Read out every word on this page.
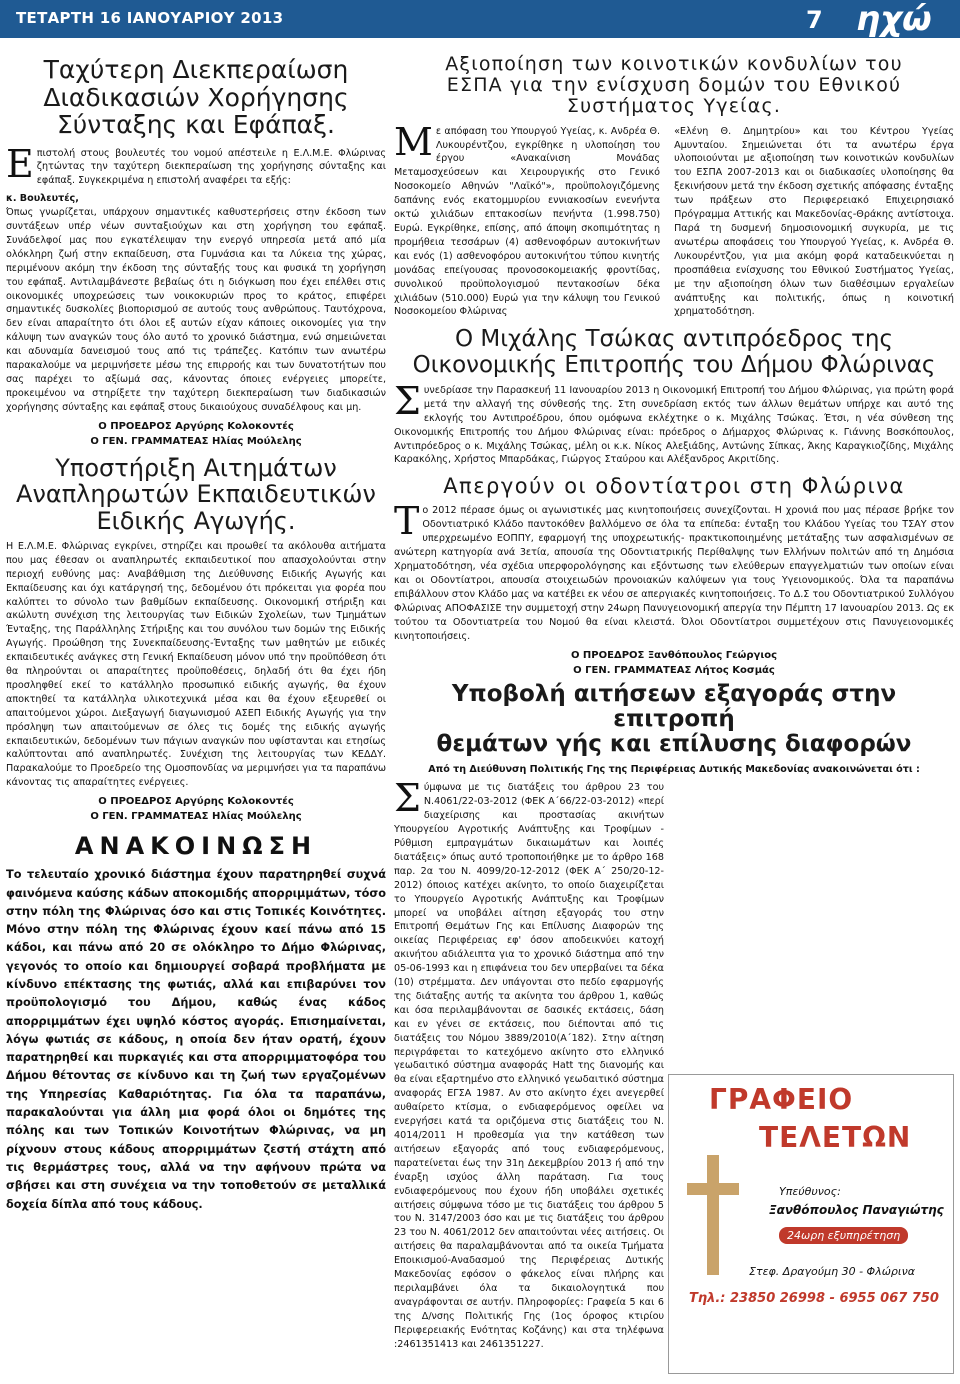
ΤΕΤΑΡΤΗ 16 ΙΑΝΟΥΑΡΙΟΥ 2013	7 ηχώ
Ταχύτερη Διεκπεραίωση
Διαδικασιών Χορήγησης
Σύνταξης και Εφάπαξ.

Επιστολή στους βουλευτές του νομού απέστειλε η Ε.Λ.Μ.Ε. Φλώρινας ζητώντας την ταχύτερη διεκπεραίωση της χορήγησης σύνταξης και εφάπαξ. Συγκεκριμένα η επιστολή αναφέρει τα εξής:

κ. Βουλευτές,

Όπως γνωρίζεται, υπάρχουν σημαντικές καθυστερήσεις στην έκδοση των συντάξεων υπέρ νέων συνταξιούχων και στη χορήγηση του εφάπαξ. Συνάδελφοί μας που εγκατέλειψαν την ενεργό υπηρεσία μετά από μία ολόκληρη ζωή στην εκπαίδευση, στα Γυμνάσια και τα Λύκεια της χώρας, περιμένουν ακόμη την έκδοση της σύνταξής τους και φυσικά τη χορήγηση του εφάπαξ. Αντιλαμβάνεστε βεβαίως ότι η διόγκωση που έχει επέλθει στις οικονομικές υποχρεώσεις των νοικοκυριών προς το κράτος, επιφέρει σημαντικές δυσκολίες βιοπορισμού σε αυτούς τους ανθρώπους. Ταυτόχρονα, δεν είναι απαραίτητο ότι όλοι εξ αυτών είχαν κάποιες οικονομίες για την κάλυψη των αναγκών τους όλο αυτό το χρονικό διάστημα, ενώ σημειώνεται και αδυναμία δανεισμού τους από τις τράπεζες. Κατόπιν των ανωτέρω παρακαλούμε να μεριμνήσετε μέσω της επιρροής και των δυνατοτήτων που σας παρέχει το αξίωμά σας, κάνοντας όποιες ενέργειες μπορείτε, προκειμένου να στηρίξετε την ταχύτερη διεκπεραίωση των διαδικασιών χορήγησης σύνταξης και εφάπαξ στους δικαιούχους συναδέλφους και μη.

Ο ΠΡΟΕΔΡΟΣ Αργύρης Κολοκοντές
Ο ΓΕΝ. ΓΡΑΜΜΑΤΕΑΣ Ηλίας Μούλελης
Υποστήριξη Αιτημάτων
Αναπληρωτών Εκπαιδευτικών
Ειδικής Αγωγής.

Η Ε.Λ.Μ.Ε. Φλώρινας εγκρίνει, στηρίζει και προωθεί τα ακόλουθα αιτήματα που μας έθεσαν οι αναπληρωτές εκπαιδευτικοί που απασχολούνται στην περιοχή ευθύνης μας: Αναβάθμιση της Διεύθυνσης Ειδικής Αγωγής και Εκπαίδευσης και όχι κατάργησή της, δεδομένου ότι πρόκειται για φορέα που καλύπτει το σύνολο των βαθμίδων εκπαίδευσης. Οικονομική στήριξη και ακώλυτη συνέχιση της λειτουργίας των Ειδικών Σχολείων, των Τμημάτων Ένταξης, της Παράλληλης Στήριξης και του συνόλου των δομών της Ειδικής Αγωγής. Προώθηση της Συνεκπαίδευσης-Ένταξης των μαθητών με ειδικές εκπαιδευτικές ανάγκες στη Γενική Εκπαίδευση μόνον υπό την προϋπόθεση ότι θα πληρούνται οι απαραίτητες προϋποθέσεις, δηλαδή ότι θα έχει ήδη προσληφθεί εκεί το κατάλληλο προσωπικό ειδικής αγωγής, θα έχουν αποκτηθεί τα κατάλληλα υλικοτεχνικά μέσα και θα έχουν εξευρεθεί οι απαιτούμενοι χώροι. Διεξαγωγή διαγωνισμού ΑΣΕΠ Ειδικής Αγωγής για την πρόσληψη των απαιτούμενων σε όλες τις δομές της ειδικής αγωγής εκπαιδευτικών, δεδομένων των πάγιων αναγκών που υφίστανται και ετησίως καλύπτονται από αναπληρωτές. Συνέχιση της λειτουργίας των ΚΕΔΔΥ. Παρακαλούμε το Προεδρείο της Ομοσπονδίας να μεριμνήσει για τα παραπάνω κάνοντας τις απαραίτητες ενέργειες.

Ο ΠΡΟΕΔΡΟΣ Αργύρης Κολοκοντές
Ο ΓΕΝ. ΓΡΑΜΜΑΤΕΑΣ Ηλίας Μούλελης
ΑΝΑΚΟΙΝΩΣΗ

Το τελευταίο χρονικό διάστημα έχουν παρατηρηθεί συχνά φαινόμενα καύσης κάδων αποκομιδής απορριμμάτων, τόσο στην πόλη της Φλώρινας όσο και στις Τοπικές Κοινότητες. Μόνο στην πόλη της Φλώρινας έχουν καεί πάνω από 15 κάδοι, και πάνω από 20 σε ολόκληρο το Δήμο Φλώρινας, γεγονός το οποίο και δημιουργεί σοβαρά προβλήματα με κίνδυνο επέκτασης της φωτιάς, αλλά και επιβαρύνει τον προϋπολογισμό του Δήμου, καθώς ένας κάδος απορριμμάτων έχει υψηλό κόστος αγοράς. Επισημαίνεται, λόγω φωτιάς σε κάδους, η οποία δεν ήταν ορατή, έχουν παρατηρηθεί και πυρκαγιές και στα απορριμματοφόρα του Δήμου θέτοντας σε κίνδυνο και τη ζωή των εργαζομένων της Υπηρεσίας Καθαριότητας. Για όλα τα παραπάνω, παρακαλούνται για άλλη μια φορά όλοι οι δημότες της πόλης και των Τοπικών Κοινοτήτων Φλώρινας, να μη ρίχνουν στους κάδους απορριμμάτων ζεστή στάχτη από τις θερμάστρες τους, αλλά να την αφήνουν πρώτα να σβήσει και στη συνέχεια να την τοποθετούν σε μεταλλικά δοχεία δίπλα από τους κάδους.

Αξιοποίηση των κοινοτικών κονδυλίων του
ΕΣΠΑ για την ενίσχυση δομών του Εθνικού
Συστήματος Υγείας.

Με απόφαση του Υπουργού Υγείας, κ. Ανδρέα Θ. Λυκουρέντζου, εγκρίθηκε η υλοποίηση του έργου «Ανακαίνιση Μονάδας Μεταμοσχεύσεων και Χειρουργικής στο Γενικό Νοσοκομείο Αθηνών "Λαϊκό"», προϋπολογιζόμενης δαπάνης ενός εκατομμυρίου εννιακοσίων ενενήντα οκτώ χιλιάδων επτακοσίων πενήντα (1.998.750) Ευρώ. Εγκρίθηκε, επίσης, από άποψη σκοπιμότητας η προμήθεια τεσσάρων (4) ασθενοφόρων αυτοκινήτων και ενός (1) ασθενοφόρου αυτοκινήτου τύπου κινητής μονάδας επείγουσας προνοσοκομειακής φροντίδας, συνολικού προϋπολογισμού πεντακοσίων δέκα χιλιάδων (510.000) Ευρώ για την κάλυψη του Γενικού Νοσοκομείου Φλώρινας

«Ελένη Θ. Δημητρίου» και του Κέντρου Υγείας Αμυνταίου. Σημειώνεται ότι τα ανωτέρω έργα υλοποιούνται με αξιοποίηση των κοινοτικών κονδυλίων του ΕΣΠΑ 2007-2013 και οι διαδικασίες υλοποίησης θα ξεκινήσουν μετά την έκδοση σχετικής απόφασης ένταξης των πράξεων στο Περιφερειακό Επιχειρησιακό Πρόγραμμα Αττικής και Μακεδονίας-Θράκης αντίστοιχα. Παρά τη δυσμενή δημοσιονομική συγκυρία, με τις ανωτέρω αποφάσεις του Υπουργού Υγείας, κ. Ανδρέα Θ. Λυκουρέντζου, για μια ακόμη φορά καταδεικνύεται η προσπάθεια ενίσχυσης του Εθνικού Συστήματος Υγείας, με την αξιοποίηση όλων των διαθέσιμων εργαλείων ανάπτυξης και πολιτικής, όπως η κοινοτική χρηματοδότηση.

Ο Μιχάλης Τσώκας αντιπρόεδρος της
Οικονομικής Επιτροπής του Δήμου Φλώρινας

Συνεδρίασε την Παρασκευή 11 Ιανουαρίου 2013 η Οικονομική Επιτροπή του Δήμου Φλώρινας, για πρώτη φορά μετά την αλλαγή της σύνθεσής της. Στη συνεδρίαση εκτός των άλλων θεμάτων υπήρχε και αυτό της εκλογής του Αντιπροέδρου, όπου ομόφωνα εκλέχτηκε ο κ. Μιχάλης Τσώκας. Έτσι, η νέα σύνθεση της Οικονομικής Επιτροπής του Δήμου Φλώρινας είναι: πρόεδρος ο Δήμαρχος Φλώρινας κ. Γιάννης Βοσκόπουλος, Αντιπρόεδρος ο κ. Μιχάλης Τσώκας, μέλη οι κ.κ. Νίκος Αλεξιάδης, Αντώνης Σίπκας, Άκης Καραγκιοζίδης, Μιχάλης Καρακόλης, Χρήστος Μπαρδάκας, Γιώργος Σταύρου και Αλέξανδρος Ακριτίδης.

Απεργούν οι οδοντίατροι στη Φλώρινα

Το 2012 πέρασε όμως οι αγωνιστικές μας κινητοποιήσεις συνεχίζονται. Η χρονιά που μας πέρασε βρήκε τον Οδοντιατρικό Κλάδο παντοκόθεν βαλλόμενο σε όλα τα επίπεδα: ένταξη του Κλάδου Υγείας του ΤΣΑΥ στον υπερχρεωμένο ΕΟΠΠΥ, εφαρμογή της υποχρεωτικής- πρακτικοποιημένης μετάταξης των ασφαλισμένων σε ανώτερη κατηγορία ανά 3ετία, απουσία της Οδοντιατρικής Περίθαλψης των Ελλήνων πολιτών από τη Δημόσια Χρηματοδότηση, νέα σχέδια υπερφορολόγησης και εξόντωσης των ελεύθερων επαγγελματιών των οποίων είναι και οι Οδοντίατροι, απουσία στοιχειωδών προνοιακών καλύψεων για τους Υγειονομικούς. Όλα τα παραπάνω επιβάλλουν στον Κλάδο μας να κατέβει εκ νέου σε απεργιακές κινητοποιήσεις. Το Δ.Σ του Οδοντιατρικού Συλλόγου Φλώρινας ΑΠΟΦΑΣΙΣΕ την συμμετοχή στην 24ωρη Πανυγειονομική απεργία την Πέμπτη 17 Ιανουαρίου 2013. Ως εκ τούτου τα Οδοντιατρεία του Νομού θα είναι κλειστά. Όλοι Οδοντίατροι συμμετέχουν στις Πανυγειονομικές κινητοποιήσεις.

Ο ΠΡΟΕΔΡΟΣ Ξανθόπουλος Γεώργιος
Ο ΓΕΝ. ΓΡΑΜΜΑΤΕΑΣ Λήτος Κοσμάς
Υποβολή αιτήσεων εξαγοράς στην επιτροπή
θεμάτων γής και επίλυσης διαφορών

Από τη Διεύθυνση Πολιτικής Γης της Περιφέρειας Δυτικής Μακεδονίας ανακοινώνεται ότι :

Σύμφωνα με τις διατάξεις του άρθρου 23 του Ν.4061/22-03-2012 (ΦΕΚ Α΄66/22-03-2012) «περί διαχείρισης και προστασίας ακινήτων Υπουργείου Αγροτικής Ανάπτυξης και Τροφίμων - Ρύθμιση εμπραγμάτων δικαιωμάτων και λοιπές διατάξεις» όπως αυτό τροποποιήθηκε με το άρθρο 168 παρ. 2α του Ν. 4099/20-12-2012 (ΦΕΚ Α΄ 250/20-12-2012) όποιος κατέχει ακίνητο, το οποίο διαχειρίζεται το Υπουργείο Αγροτικής Ανάπτυξης και Τροφίμων μπορεί να υποβάλει αίτηση εξαγοράς του στην Επιτροπή Θεμάτων Γης και Επίλυσης Διαφορών της οικείας Περιφέρειας εφ' όσον αποδεικνύει κατοχή ακινήτου αδιάλειπτα για το χρονικό διάστημα από την 05-06-1993 και η επιφάνεια του δεν υπερβαίνει τα δέκα (10) στρέμματα. Δεν υπάγονται στο πεδίο εφαρμογής της διάταξης αυτής τα ακίνητα του άρθρου 1, καθώς και όσα περιλαμβάνονται σε δασικές εκτάσεις, δάση και εν γένει σε εκτάσεις, που διέπονται από τις διατάξεις του Νόμου 3889/2010(Α΄182). Στην αίτηση περιγράφεται το κατεχόμενο ακίνητο στο ελληνικό γεωδαιτικό σύστημα αναφοράς Hatt της διανομής και θα είναι εξαρτημένο στο ελληνικό γεωδαιτικό σύστημα αναφοράς ΕΓΣΑ 1987. Αν στο ακίνητο έχει ανεγερθεί αυθαίρετο κτίσμα, ο ενδιαφερόμενος οφείλει να ενεργήσει κατά τα οριζόμενα στις διατάξεις του Ν. 4014/2011 Η προθεσμία για την κατάθεση των αιτήσεων εξαγοράς από τους ενδιαφερόμενους, παρατείνεται έως την 31η Δεκεμβρίου 2013 ή από την έναρξη ισχύος άλλη παράταση. Για τους ενδιαφερόμενους που έχουν ήδη υποβάλει σχετικές αιτήσεις σύμφωνα τόσο με τις διατάξεις του άρθρου 5 του Ν. 3147/2003 όσο και με τις διατάξεις του άρθρου 23 του Ν. 4061/2012 δεν απαιτούνται νέες αιτήσεις. Οι αιτήσεις θα παραλαμβάνονται από τα οικεία Τμήματα Εποικισμού-Αναδασμού της Περιφέρειας Δυτικής Μακεδονίας εφόσον ο φάκελος είναι πλήρης και περιλαμβάνει όλα τα δικαιολογητικά που αναγράφονται σε αυτήν. Πληροφορίες: Γραφεία 5 και 6 της Δ/νσης Πολιτικής Γης (1ος όροφος κτιρίου Περιφερειακής Ενότητας Κοζάνης) και στα τηλέφωνα :2461351413 και 2461351227.

ΓΡΑΦΕΙΟ
ΤΕΛΕΤΩΝ
Υπεύθυνος:
Ξανθόπουλος Παναγιώτης
24ωρη εξυπηρέτηση
Στεφ. Δραγούμη 30 - Φλώρινα
Τηλ.: 23850 26998 - 6955 067 750
